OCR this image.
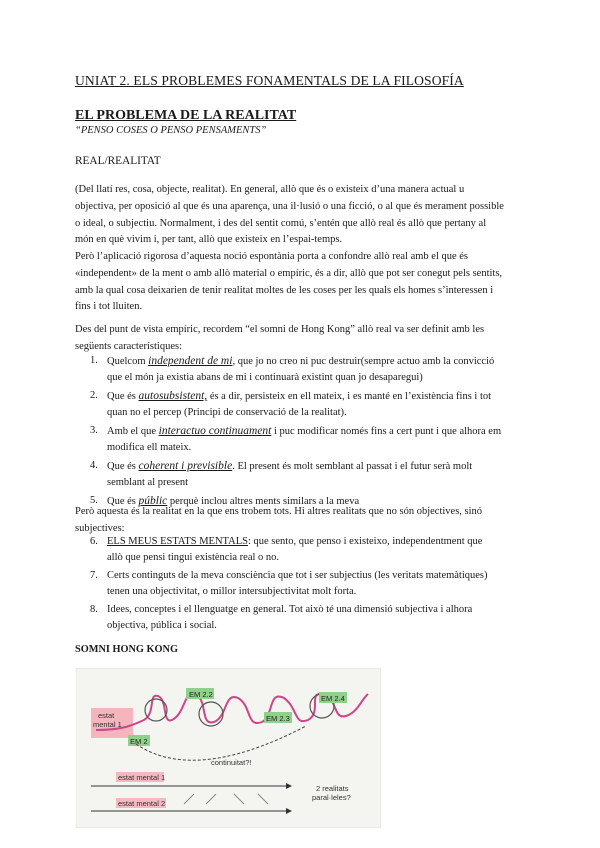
UNIAT 2. ELS PROBLEMES FONAMENTALS DE LA FILOSOFÍA
EL PROBLEMA DE LA REALITAT
“PENSO COSES O PENSO PENSAMENTS”
REAL/REALITAT
(Del llatí res, cosa, objecte, realitat). En general, allò que és o existeix d’una manera actual u
objectiva, per oposició al que és una aparença, una il·lusió o una ficció, o al que és merament possible
o ideal, o subjectiu. Normalment, i des del sentit comú, s’entén que allò real és allò que pertany al
món en què vivim i, per tant, allò que existeix en l’espai-temps.
Però l’aplicació rigorosa d’aquesta noció espontània porta a confondre allò real amb el que és
«independent» de la ment o amb allò material o empíric, és a dir, allò que pot ser conegut pels sentits,
amb la qual cosa deixarien de tenir realitat moltes de les coses per les quals els homes s’interessen i
fins i tot lluiten.
Des del punt de vista empíric, recordem “el somni de Hong Kong” allò real va ser definit amb les
següents característiques:
1. Quelcom independent de mi, que jo no creo ni puc destruir(sempre actuo amb la convicció
que el món ja existia abans de mi i continuarà existint quan jo desaparegui)
2. Que és autosubsistent, és a dir, persisteix en ell mateix, i es manté en l’existència fins i tot
quan no el percep (Principi de conservació de la realitat).
3. Amb el que interactuo continuament i puc modificar només fins a cert punt i que alhora em
modifica ell mateix.
4. Que és coherent i previsible. El present és molt semblant al passat i el futur serà molt
semblant al present
5. Que és públic perquè inclou altres ments similars a la meva
Però aquesta és la realitat en la que ens trobem tots. Hi altres realitats que no són objectives, sinó
subjectives:
6. ELS MEUS ESTATS MENTALS: que sento, que penso i existeixo, independentment que
allò que pensi tingui existència real o no.
7. Certs continguts de la meva consciència que tot i ser subjectius (les veritats matemàtiques)
tenen una objectivitat, o millor intersubjectivitat molt forta.
8. Idees, conceptes i el llenguatge en general. Tot això té una dimensió subjectiva i alhora
objectiva, pública i social.
SOMNI HONG KONG
estat
mental 1
EM 2.2
EM 2.3
EM 2.4
EM 2
continuitat?!
estat mental 1
estat mental 2
2 realitats
paral·leles?
